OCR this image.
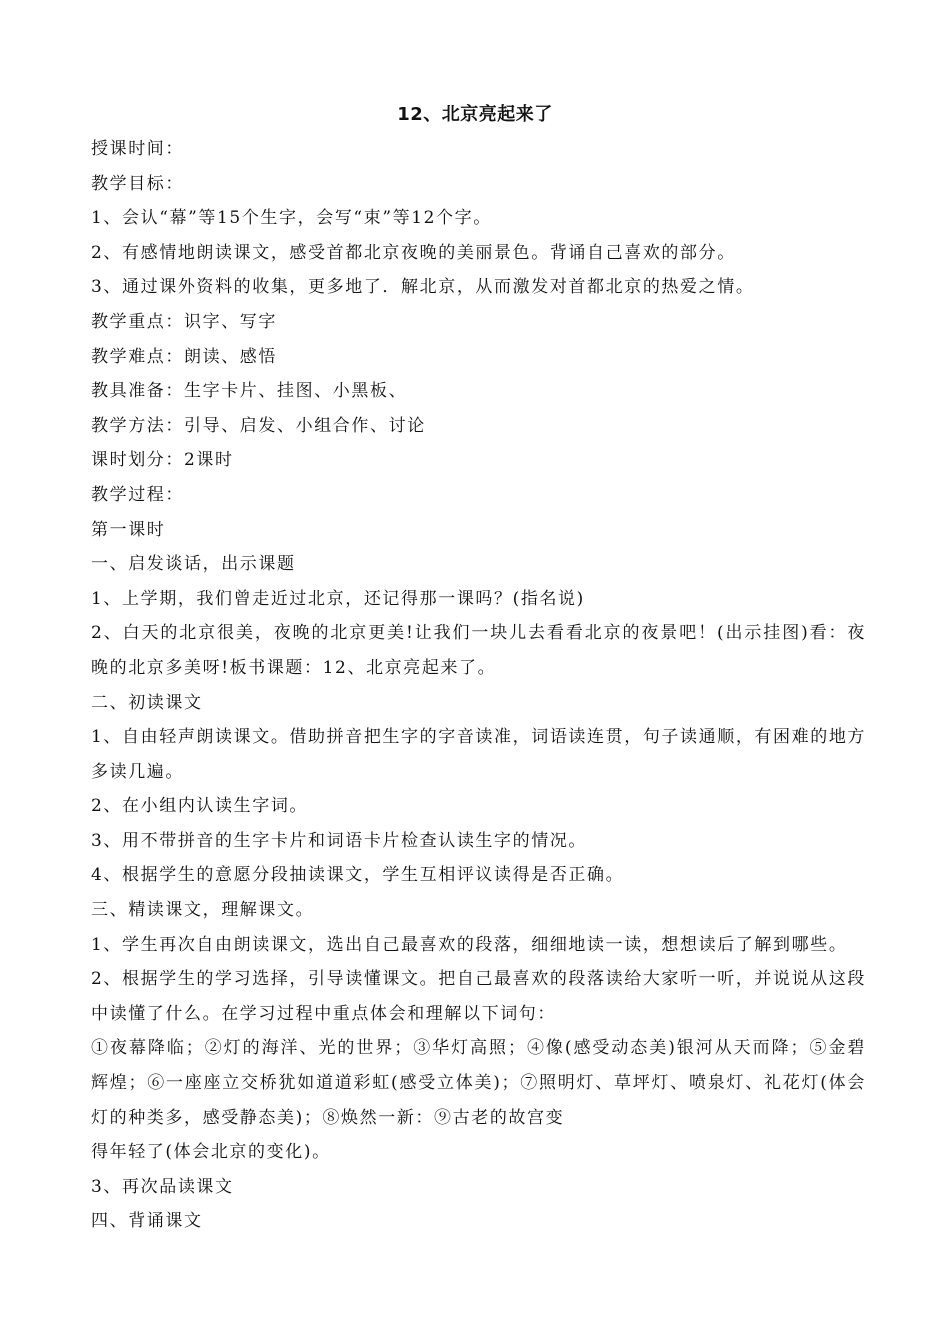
12、北京亮起来了
授课时间：
教学目标：
1、会认“幕”等15个生字，会写“束”等12个字。
2、有感情地朗读课文，感受首都北京夜晚的美丽景色。背诵自己喜欢的部分。
3、通过课外资料的收集，更多地了．解北京，从而激发对首都北京的热爱之情。
教学重点：识字、写字
教学难点：朗读、感悟
教具准备：生字卡片、挂图、小黑板、
教学方法：引导、启发、小组合作、讨论
课时划分：2课时
教学过程：
第一课时
一、启发谈话，出示课题
1、上学期，我们曾走近过北京，还记得那一课吗？(指名说)
2、白天的北京很美，夜晚的北京更美!让我们一块儿去看看北京的夜景吧！(出示挂图)看：夜晚的北京多美呀!板书课题：12、北京亮起来了。
二、初读课文
1、自由轻声朗读课文。借助拼音把生字的字音读准，词语读连贯，句子读通顺，有困难的地方多读几遍。
2、在小组内认读生字词。
3、用不带拼音的生字卡片和词语卡片检查认读生字的情况。
4、根据学生的意愿分段抽读课文，学生互相评议读得是否正确。
三、精读课文，理解课文。
1、学生再次自由朗读课文，选出自己最喜欢的段落，细细地读一读，想想读后了解到哪些。
2、根据学生的学习选择，引导读懂课文。把自己最喜欢的段落读给大家听一听，并说说从这段中读懂了什么。在学习过程中重点体会和理解以下词句：
①夜幕降临；②灯的海洋、光的世界；③华灯高照；④像(感受动态美)银河从天而降；⑤金碧辉煌；⑥一座座立交桥犹如道道彩虹(感受立体美)；⑦照明灯、草坪灯、喷泉灯、礼花灯(体会灯的种类多，感受静态美)；⑧焕然一新：⑨古老的故宫变
得年轻了(体会北京的变化)。
3、再次品读课文
四、背诵课文
